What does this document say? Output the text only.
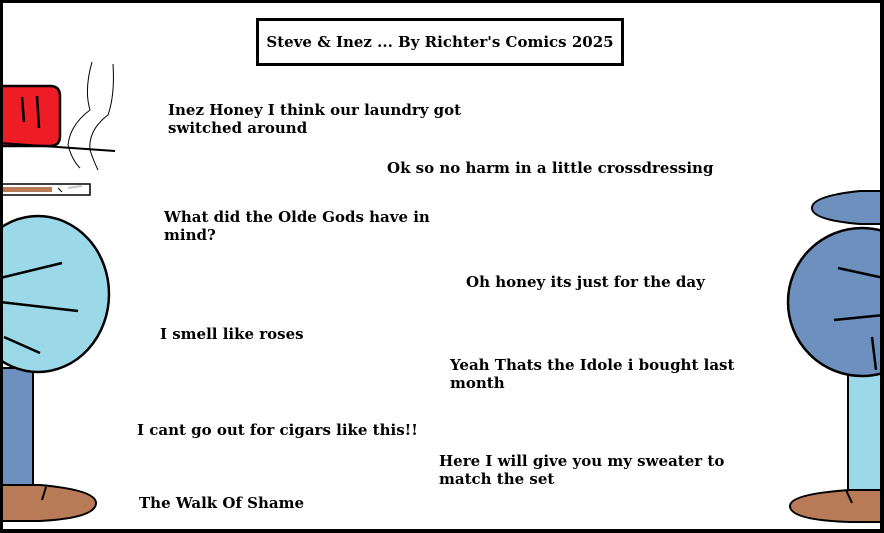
Steve & Inez ... By Richter's Comics 2025

Inez Honey I think our laundry got switched around

Ok so no harm in a little crossdressing

What did the Olde Gods have in mind?

Oh honey its just for the day

I smell like roses

Yeah Thats the Idole i bought last month

I cant go out for cigars like this!!

Here I will give you my sweater to match the set

The Walk Of Shame
